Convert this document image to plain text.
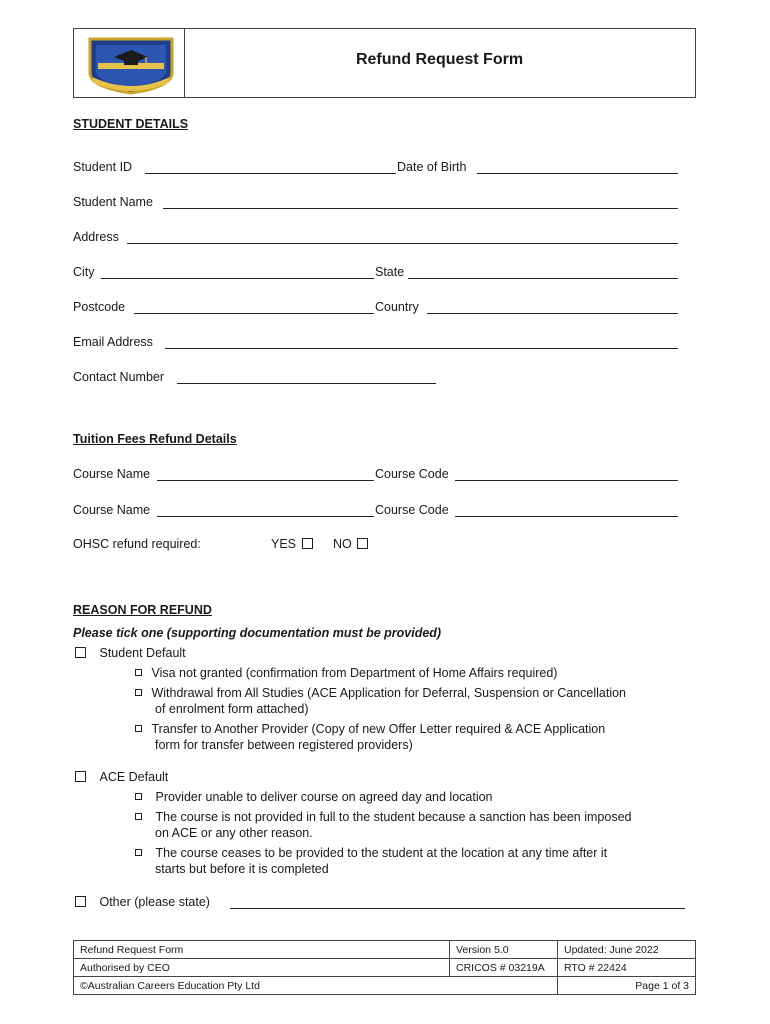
Refund Request Form
STUDENT DETAILS
Student ID	Date of Birth
Student Name
Address
City	State
Postcode	Country
Email Address
Contact Number
Tuition Fees Refund Details
Course Name	Course Code
Course Name	Course Code
OHSC refund required:	YES	NO
REASON FOR REFUND
Please tick one (supporting documentation must be provided)
Student Default
Visa not granted (confirmation from Department of Home Affairs required)
Withdrawal from All Studies (ACE Application for Deferral, Suspension or Cancellation
of enrolment form attached)
Transfer to Another Provider (Copy of new Offer Letter required & ACE Application
form for transfer between registered providers)
ACE Default
Provider unable to deliver course on agreed day and location
The course is not provided in full to the student because a sanction has been imposed
on ACE or any other reason.
The course ceases to be provided to the student at the location at any time after it
starts but before it is completed
Other (please state)
Refund Request Form	Version 5.0	Updated: June 2022
Authorised by CEO	CRICOS # 03219A	RTO # 22424
©Australian Careers Education Pty Ltd		Page 1 of 3
